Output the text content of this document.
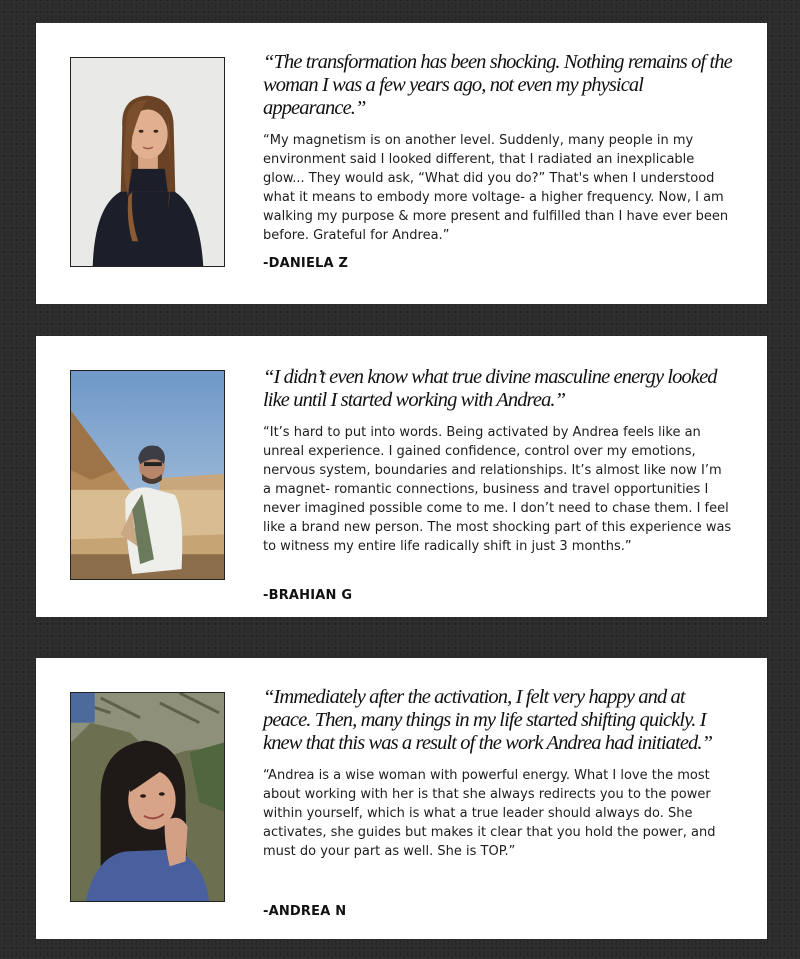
“The transformation has been shocking. Nothing remains of the woman I was a few years ago, not even my physical appearance.”

“My magnetism is on another level. Suddenly, many people in my environment said I looked different, that I radiated an inexplicable glow... They would ask, “What did you do?” That's when I understood what it means to embody more voltage- a higher frequency. Now, I am walking my purpose & more present and fulfilled than I have ever been before. Grateful for Andrea.”

-DANIELA Z

“I didn’t even know what true divine masculine energy looked like until I started working with Andrea.”

“It’s hard to put into words. Being activated by Andrea feels like an unreal experience. I gained confidence, control over my emotions, nervous system, boundaries and relationships. It’s almost like now I’m a magnet- romantic connections, business and travel opportunities I never imagined possible come to me. I don’t need to chase them. I feel like a brand new person. The most shocking part of this experience was to witness my entire life radically shift in just 3 months.”

-BRAHIAN G

“Immediately after the activation, I felt very happy and at peace. Then, many things in my life started shifting quickly. I knew that this was a result of the work Andrea had initiated.”

“Andrea is a wise woman with powerful energy. What I love the most about working with her is that she always redirects you to the power within yourself, which is what a true leader should always do. She activates, she guides but makes it clear that you hold the power, and must do your part as well. She is TOP.”

-ANDREA N
